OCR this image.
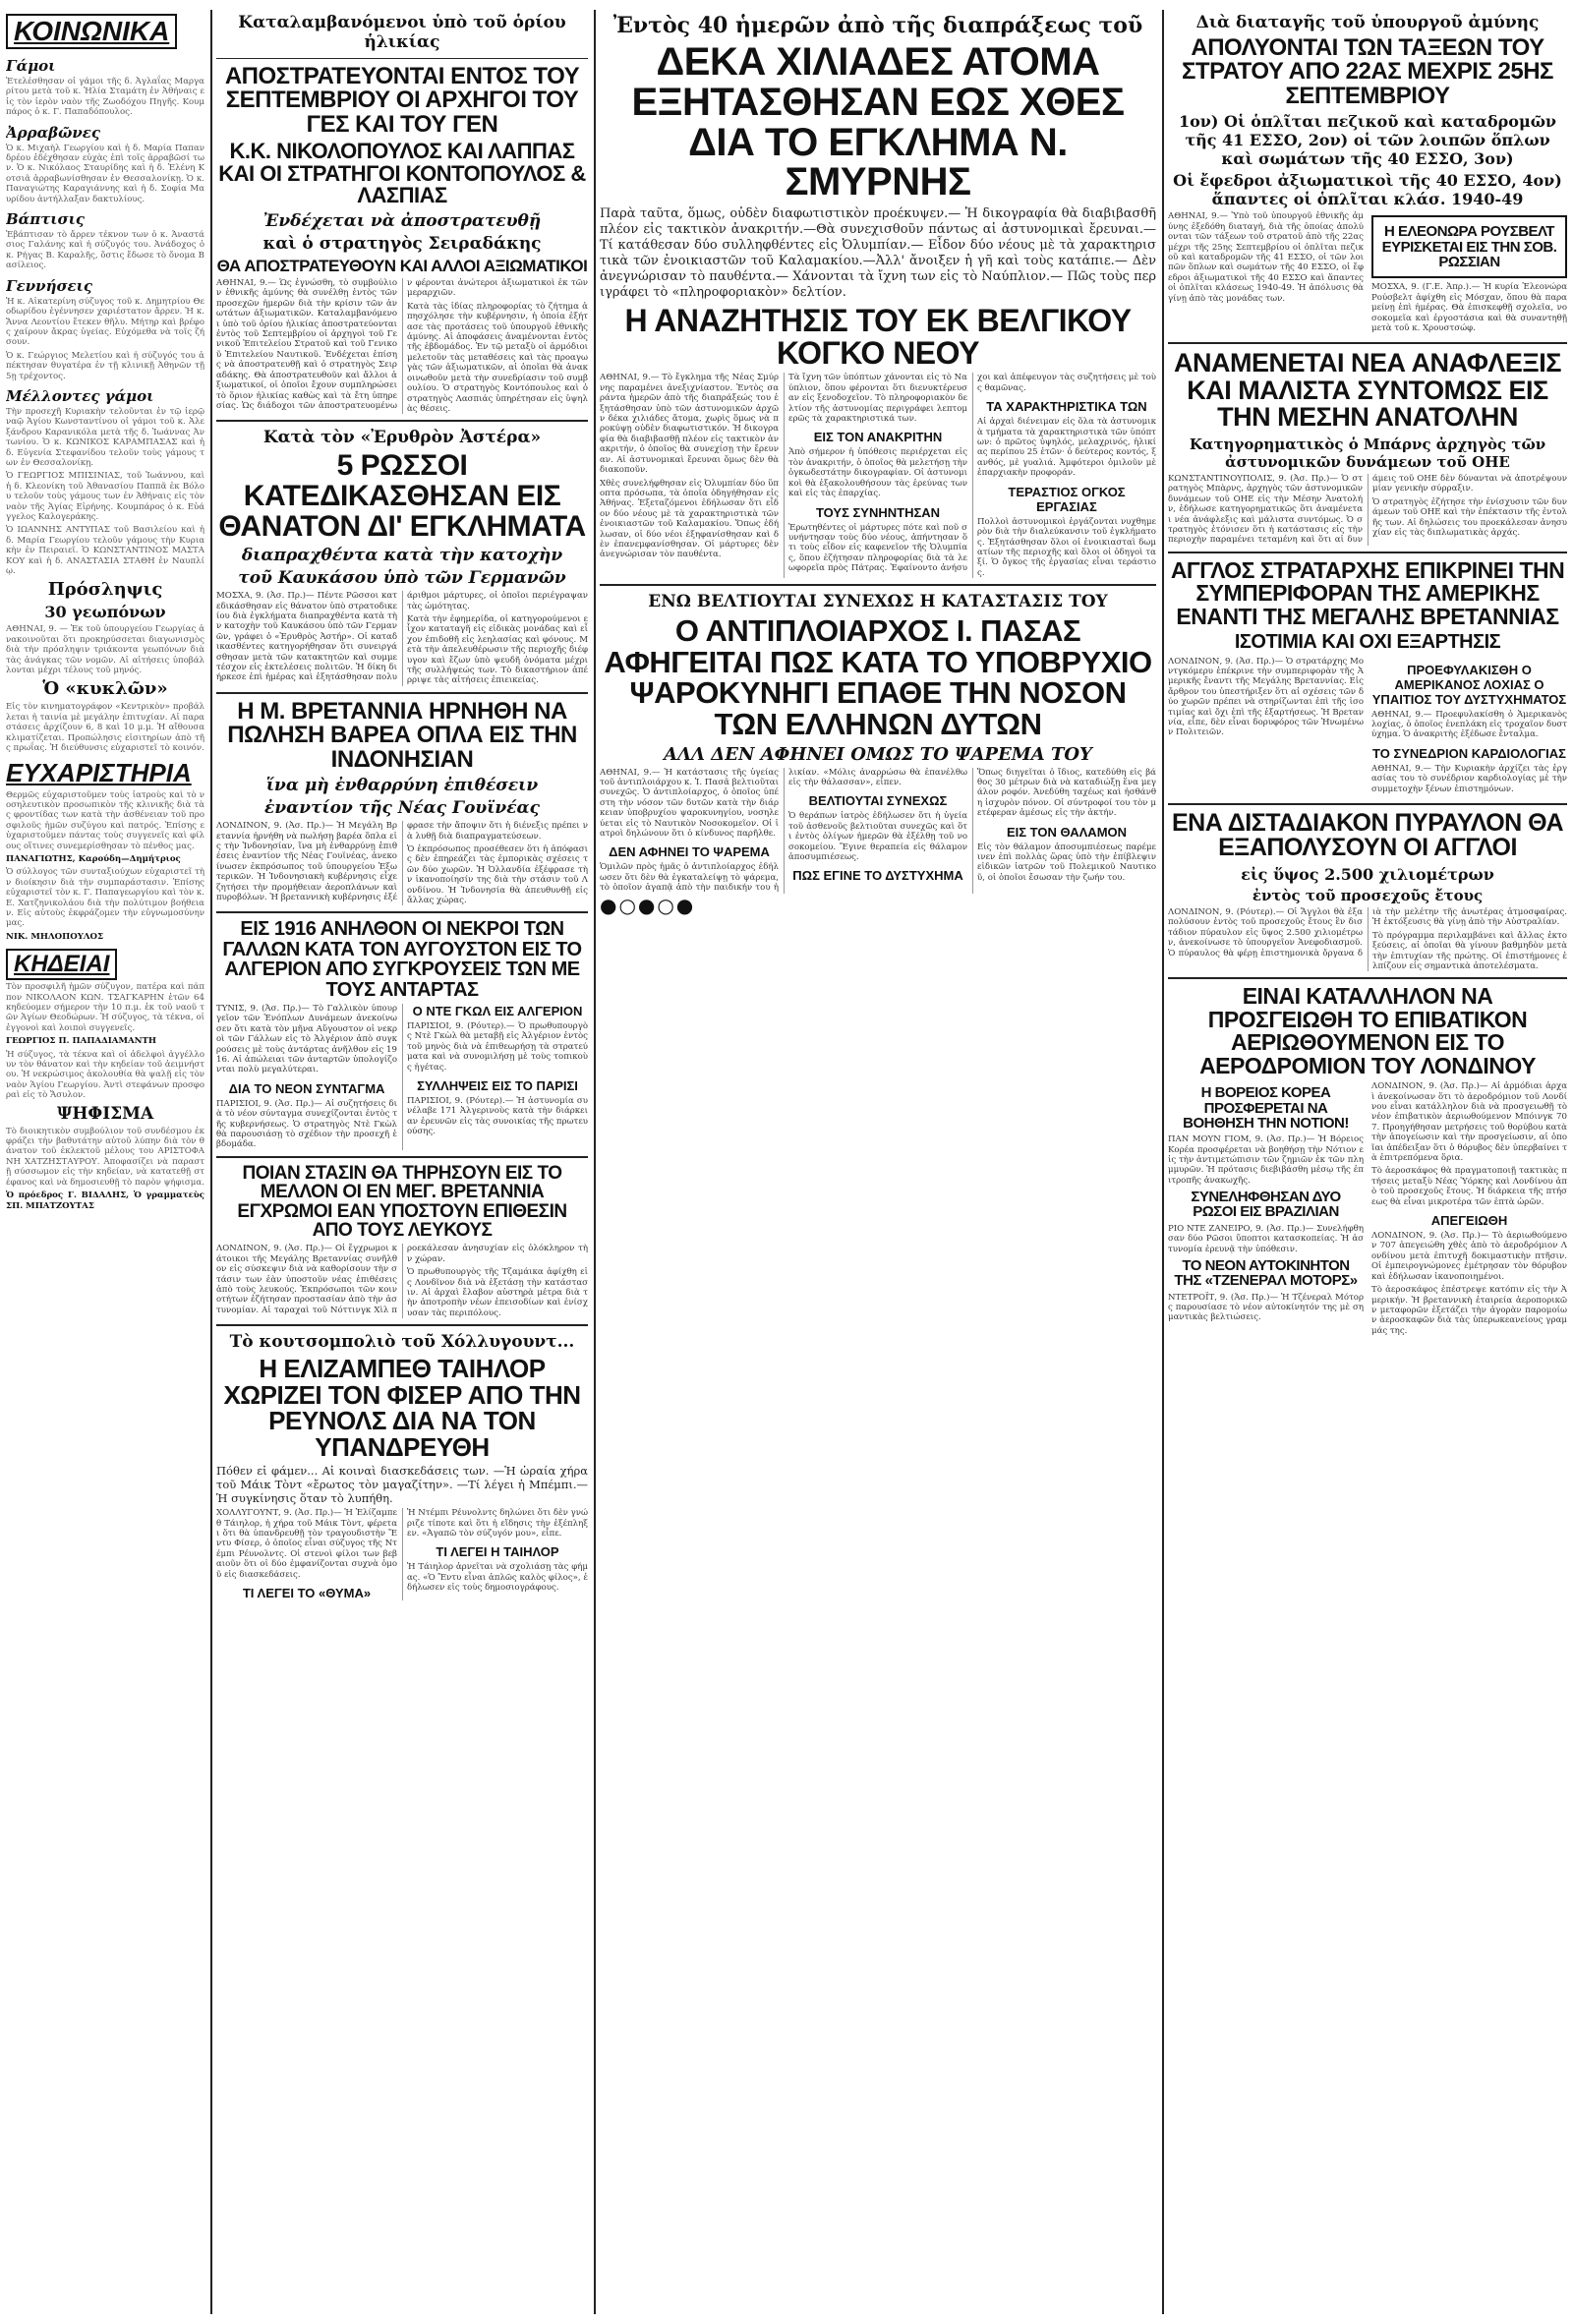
ΚΟΙΝΩΝΙΚΑ
Γάμοι

Ἐτελέσθησαν οἱ γάμοι τῆς δ. Ἀγλαΐας Μαργαρίτου μετὰ τοῦ κ. Ἠλία Σταμάτη ἐν Ἀθήναις εἰς τὸν ἱερὸν ναὸν τῆς Ζωοδόχου Πηγῆς. Κουμπάρος ὁ κ. Γ. Παπαδόπουλος.

Ἀρραβῶνες

Ὁ κ. Μιχαὴλ Γεωργίου καὶ ἡ δ. Μαρία Παπανδρέου ἐδέχθησαν εὐχὰς ἐπὶ τοῖς ἀρραβῶσί των. Ὁ κ. Νικόλαος Σταυρίδης καὶ ἡ δ. Ἑλένη Κοτσιᾶ ἀρραβωνίσθησαν ἐν Θεσσαλονίκῃ. Ὁ κ. Παναγιώτης Καραγιάννης καὶ ἡ δ. Σοφία Μαυρίδου ἀντήλλαξαν δακτυλίους.

Βάπτισις

Ἐβάπτισαν τὸ ἄρρεν τέκνον των ὁ κ. Ἀναστάσιος Γαλάνης καὶ ἡ σύζυγός του. Ἀνάδοχος ὁ κ. Ρήγας Β. Καραλῆς, ὅστις ἔδωσε τὸ ὄνομα Βασίλειος.

Γεννήσεις

Ἡ κ. Αἰκατερίνη σύζυγος τοῦ κ. Δημητρίου Θεοδωρίδου ἐγέννησεν χαριέστατον ἄρρεν. Ἡ κ. Ἄννα Λεοντίου ἔτεκεν θῆλυ. Μήτηρ καὶ βρέφος χαίρουν ἄκρας ὑγείας. Εὐχόμεθα νὰ τοῖς ζήσουν.

Ὁ κ. Γεώργιος Μελετίου καὶ ἡ σύζυγός του ἀπέκτησαν θυγατέρα ἐν τῇ κλινικῇ Ἀθηνῶν τῇ 5ῃ τρέχοντος.

Μέλλοντες γάμοι

Τὴν προσεχῆ Κυριακὴν τελοῦνται ἐν τῷ ἱερῷ ναῷ Ἁγίου Κωνσταντίνου οἱ γάμοι τοῦ κ. Ἀλεξάνδρου Καρανικόλα μετὰ τῆς δ. Ἰωάννας Ἀντωνίου. Ὁ κ. ΚΩΝΙΚΟΣ ΚΑΡΑΜΠΑΣΑΣ καὶ ἡ δ. Εὐγενία Στεφανίδου τελοῦν τοὺς γάμους των ἐν Θεσσαλονίκῃ.

Ὁ ΓΕΩΡΓΙΟΣ ΜΠΙΣΙΝΙΑΣ, τοῦ Ἰωάννου, καὶ ἡ δ. Κλεονίκη τοῦ Ἀθανασίου Παππᾶ ἐκ Βόλου τελοῦν τοὺς γάμους των ἐν Ἀθήναις εἰς τὸν ναὸν τῆς Ἁγίας Εἰρήνης. Κουμπάρος ὁ κ. Εὐάγγελος Καλογεράκης.

Ὁ ΙΩΑΝΝΗΣ ΑΝΤΥΠΑΣ τοῦ Βασιλείου καὶ ἡ δ. Μαρία Γεωργίου τελοῦν γάμους τὴν Κυριακὴν ἐν Πειραιεῖ. Ὁ ΚΩΝΣΤΑΝΤΙΝΟΣ ΜΑΣΤΑΚΟΥ καὶ ἡ δ. ΑΝΑΣΤΑΣΙΑ ΣΤΑΘΗ ἐν Ναυπλίῳ.

Πρόσληψις
30 γεωπόνων

ΑΘΗΝΑΙ, 9. — Ἐκ τοῦ ὑπουργείου Γεωργίας ἀνακοινοῦται ὅτι προκηρύσσεται διαγωνισμὸς διὰ τὴν πρόσληψιν τριάκοντα γεωπόνων διὰ τὰς ἀνάγκας τῶν νομῶν. Αἱ αἰτήσεις ὑποβάλλονται μέχρι τέλους τοῦ μηνός.

Ὁ «κυκλῶν»

Εἰς τὸν κινηματογράφον «Κεντρικὸν» προβάλλεται ἡ ταινία μὲ μεγάλην ἐπιτυχίαν. Αἱ παραστάσεις ἀρχίζουν 6, 8 καὶ 10 μ.μ. Ἡ αἴθουσα κλιματίζεται. Προπώλησις εἰσιτηρίων ἀπὸ τῆς πρωΐας. Ἡ διεύθυνσις εὐχαριστεῖ τὸ κοινόν.

ΕΥΧΑΡΙΣΤΗΡΙΑ

Θερμῶς εὐχαριστοῦμεν τοὺς ἰατροὺς καὶ τὸ νοσηλευτικὸν προσωπικὸν τῆς κλινικῆς διὰ τὰς φροντίδας των κατὰ τὴν ἀσθένειαν τοῦ προσφιλοῦς ἡμῶν συζύγου καὶ πατρός. Ἐπίσης εὐχαριστοῦμεν πάντας τοὺς συγγενεῖς καὶ φίλους οἵτινες συνεμερίσθησαν τὸ πένθος μας.

ΠΑΝΑΓΙΩΤΗΣ, Καρούδη—Δημήτριος

Ὁ σύλλογος τῶν συνταξιούχων εὐχαριστεῖ τὴν διοίκησιν διὰ τὴν συμπαράστασιν. Ἐπίσης εὐχαριστεῖ τὸν κ. Γ. Παπαγεωργίου καὶ τὸν κ. Ε. Χατζηνικολάου διὰ τὴν πολύτιμον βοήθειαν. Εἰς αὐτοὺς ἐκφράζομεν τὴν εὐγνωμοσύνην μας.

ΝΙΚ. ΜΗΛΟΠΟΥΛΟΣ

ΚΗΔΕΙΑΙ

Τὸν προσφιλῆ ἡμῶν σύζυγον, πατέρα καὶ πάππον ΝΙΚΟΛΑΟΝ ΚΩΝ. ΤΣΑΓΚΑΡΗΝ ἐτῶν 64 κηδεύομεν σήμερον τὴν 10 π.μ. ἐκ τοῦ ναοῦ τῶν Ἁγίων Θεοδώρων. Ἡ σύζυγος, τὰ τέκνα, οἱ ἐγγονοὶ καὶ λοιποὶ συγγενεῖς.

ΓΕΩΡΓΙΟΣ Π. ΠΑΠΑΔΙΑΜΑΝΤΗ

Ἡ σύζυγος, τὰ τέκνα καὶ οἱ ἀδελφοὶ ἀγγέλλουν τὸν θάνατον καὶ τὴν κηδείαν τοῦ ἀειμνήστου. Ἡ νεκρώσιμος ἀκολουθία θὰ ψαλῇ εἰς τὸν ναὸν Ἁγίου Γεωργίου. Ἀντὶ στεφάνων προσφοραὶ εἰς τὸ Ἄσυλον.

ΨΗΦΙΣΜΑ

Τὸ διοικητικὸν συμβούλιον τοῦ συνδέσμου ἐκφράζει τὴν βαθυτάτην αὐτοῦ λύπην διὰ τὸν θάνατον τοῦ ἐκλεκτοῦ μέλους του ΑΡΙΣΤΟΦΑΝΗ ΧΑΤΖΗΣΤΑΥΡΟΥ. Ἀποφασίζει νὰ παραστῇ σύσσωμον εἰς τὴν κηδείαν, νὰ κατατεθῇ στέφανος καὶ νὰ δημοσιευθῇ τὸ παρὸν ψήφισμα.

Ὁ πρόεδρος Γ. ΒΙΔΑΛΗΣ, Ὁ γραμματεὺς ΣΠ. ΜΠΑΤΖΟΥΤΑΣ

Καταλαμβανόμενοι ὑπὸ τοῦ ὁρίου ἡλικίας
ΑΠΟΣΤΡΑΤΕΥΟΝΤΑΙ ΕΝΤΟΣ ΤΟΥ ΣΕΠΤΕΜΒΡΙΟΥ ΟΙ ΑΡΧΗΓΟΙ ΤΟΥ ΓΕΣ ΚΑΙ ΤΟΥ ΓΕΝ
Κ.Κ. ΝΙΚΟΛΟΠΟΥΛΟΣ ΚΑΙ ΛΑΠΠΑΣ ΚΑΙ ΟΙ ΣΤΡΑΤΗΓΟΙ ΚΟΝΤΟΠΟΥΛΟΣ & ΛΑΣΠΙΑΣ
Ἐνδέχεται νὰ ἀποστρατευθῇ
καὶ ὁ στρατηγὸς Σειραδάκης
ΘΑ ΑΠΟΣΤΡΑΤΕΥΘΟΥΝ ΚΑΙ ΑΛΛΟΙ ΑΞΙΩΜΑΤΙΚΟΙ

ΑΘΗΝΑΙ, 9.— Ὡς ἐγνώσθη, τὸ συμβούλιον ἐθνικῆς ἀμύνης θὰ συνέλθῃ ἐντὸς τῶν προσεχῶν ἡμερῶν διὰ τὴν κρίσιν τῶν ἀνωτάτων ἀξιωματικῶν. Καταλαμβανόμενοι ὑπὸ τοῦ ὁρίου ἡλικίας ἀποστρατεύονται ἐντὸς τοῦ Σεπτεμβρίου οἱ ἀρχηγοὶ τοῦ Γενικοῦ Ἐπιτελείου Στρατοῦ καὶ τοῦ Γενικοῦ Ἐπιτελείου Ναυτικοῦ. Ἐνδέχεται ἐπίσης νὰ ἀποστρατευθῇ καὶ ὁ στρατηγὸς Σειραδάκης. Θὰ ἀποστρατευθοῦν καὶ ἄλλοι ἀξιωματικοί, οἱ ὁποῖοι ἔχουν συμπληρώσει τὸ ὅριον ἡλικίας καθὼς καὶ τὰ ἔτη ὑπηρεσίας. Ὡς διάδοχοι τῶν ἀποστρατευομένων φέρονται ἀνώτεροι ἀξιωματικοὶ ἐκ τῶν μεραρχιῶν.

Κατὰ τὰς ἰδίας πληροφορίας τὸ ζήτημα ἀπησχόλησε τὴν κυβέρνησιν, ἡ ὁποία ἐξήτασε τὰς προτάσεις τοῦ ὑπουργοῦ ἐθνικῆς ἀμύνης. Αἱ ἀποφάσεις ἀναμένονται ἐντὸς τῆς ἑβδομάδος. Ἐν τῷ μεταξὺ οἱ ἀρμόδιοι μελετοῦν τὰς μεταθέσεις καὶ τὰς προαγωγὰς τῶν ἀξιωματικῶν, αἱ ὁποῖαι θὰ ἀνακοινωθοῦν μετὰ τὴν συνεδρίασιν τοῦ συμβουλίου. Ὁ στρατηγὸς Κοντόπουλος καὶ ὁ στρατηγὸς Λασπιάς ὑπηρέτησαν εἰς ὑψηλὰς θέσεις.

Κατὰ τὸν «Ἐρυθρὸν Ἀστέρα»
5 ΡΩΣΣΟΙ ΚΑΤΕΔΙΚΑΣΘΗΣΑΝ ΕΙΣ ΘΑΝΑΤΟΝ ΔΙ' ΕΓΚΛΗΜΑΤΑ
διαπραχθέντα κατὰ τὴν κατοχὴν
τοῦ Καυκάσου ὑπὸ τῶν Γερμανῶν

ΜΟΣΧΑ, 9. (Ἀσ. Πρ.)— Πέντε Ρῶσσοι κατεδικάσθησαν εἰς θάνατον ὑπὸ στρατοδικείου διὰ ἐγκλήματα διαπραχθέντα κατὰ τὴν κατοχὴν τοῦ Καυκάσου ὑπὸ τῶν Γερμανῶν, γράφει ὁ «Ἐρυθρὸς Ἀστήρ». Οἱ καταδικασθέντες κατηγορήθησαν ὅτι συνειργάσθησαν μετὰ τῶν κατακτητῶν καὶ συμμετέσχον εἰς ἐκτελέσεις πολιτῶν. Ἡ δίκη διήρκεσε ἐπὶ ἡμέρας καὶ ἐξητάσθησαν πολυάριθμοι μάρτυρες, οἱ ὁποῖοι περιέγραψαν τὰς ὠμότητας.

Κατὰ τὴν ἐφημερίδα, οἱ κατηγορούμενοι εἶχον καταταγῆ εἰς εἰδικὰς μονάδας καὶ εἶχον ἐπιδοθῆ εἰς λεηλασίας καὶ φόνους. Μετὰ τὴν ἀπελευθέρωσιν τῆς περιοχῆς διέφυγον καὶ ἔζων ὑπὸ ψευδῆ ὀνόματα μέχρι τῆς συλλήψεώς των. Τὸ δικαστήριον ἀπέρριψε τὰς αἰτήσεις ἐπιεικείας.

Η Μ. ΒΡΕΤΑΝΝΙΑ ΗΡΝΗΘΗ ΝΑ ΠΩΛΗΣΗ ΒΑΡΕΑ ΟΠΛΑ ΕΙΣ ΤΗΝ ΙΝΔΟΝΗΣΙΑΝ
ἵνα μὴ ἐνθαρρύνη ἐπιθέσειν
ἐναντίον τῆς Νέας Γουϊνέας

ΛΟΝΔΙΝΟΝ, 9. (Ἀσ. Πρ.)— Ἡ Μεγάλη Βρεταννία ἠρνήθη νὰ πωλήσῃ βαρέα ὅπλα εἰς τὴν Ἰνδονησίαν, ἵνα μὴ ἐνθαρρύνῃ ἐπιθέσεις ἐναντίον τῆς Νέας Γουϊνέας, ἀνεκοίνωσεν ἐκπρόσωπος τοῦ ὑπουργείου Ἐξωτερικῶν. Ἡ Ἰνδονησιακὴ κυβέρνησις εἶχε ζητήσει τὴν προμήθειαν ἀεροπλάνων καὶ πυροβόλων. Ἡ βρεταννικὴ κυβέρνησις ἐξέφρασε τὴν ἄποψιν ὅτι ἡ διένεξις πρέπει νὰ λυθῇ διὰ διαπραγματεύσεων.

Ὁ ἐκπρόσωπος προσέθεσεν ὅτι ἡ ἀπόφασις δὲν ἐπηρεάζει τὰς ἐμπορικὰς σχέσεις τῶν δύο χωρῶν. Ἡ Ὀλλανδία ἐξέφρασε τὴν ἱκανοποίησίν της διὰ τὴν στάσιν τοῦ Λονδίνου. Ἡ Ἰνδονησία θὰ ἀπευθυνθῇ εἰς ἄλλας χώρας.

ΕΙΣ 1916 ΑΝΗΛΘΟΝ ΟΙ ΝΕΚΡΟΙ ΤΩΝ ΓΑΛΛΩΝ ΚΑΤΑ ΤΟΝ ΑΥΓΟΥΣΤΟΝ ΕΙΣ ΤΟ ΑΛΓΕΡΙΟΝ ΑΠΟ ΣΥΓΚΡΟΥΣΕΙΣ ΤΩΝ ΜΕ ΤΟΥΣ ΑΝΤΑΡΤΑΣ

ΤΥΝΙΣ, 9. (Ἀσ. Πρ.)— Τὸ Γαλλικὸν ὑπουργεῖον τῶν Ἐνόπλων Δυνάμεων ἀνεκοίνωσεν ὅτι κατὰ τὸν μῆνα Αὔγουστον οἱ νεκροὶ τῶν Γάλλων εἰς τὸ Ἀλγέριον ἀπὸ συγκρούσεις μὲ τοὺς ἀντάρτας ἀνῆλθον εἰς 1916. Αἱ ἀπώλειαι τῶν ἀνταρτῶν ὑπολογίζονται πολὺ μεγαλύτεραι.

ΔΙΑ ΤΟ ΝΕΟΝ ΣΥΝΤΑΓΜΑ

ΠΑΡΙΣΙΟΙ, 9. (Ἀσ. Πρ.)— Αἱ συζητήσεις διὰ τὸ νέον σύνταγμα συνεχίζονται ἐντὸς τῆς κυβερνήσεως. Ὁ στρατηγὸς Ντὲ Γκὼλ θὰ παρουσιάσῃ τὸ σχέδιον τὴν προσεχῆ ἑβδομάδα.

Ο ΝΤΕ ΓΚΩΛ ΕΙΣ ΑΛΓΕΡΙΟΝ

ΠΑΡΙΣΙΟΙ, 9. (Ρόυτερ).— Ὁ πρωθυπουργὸς Ντὲ Γκὼλ θὰ μεταβῇ εἰς Ἀλγέριον ἐντὸς τοῦ μηνὸς διὰ νὰ ἐπιθεωρήσῃ τὰ στρατεύματα καὶ νὰ συνομιλήσῃ μὲ τοὺς τοπικοὺς ἡγέτας.

ΣΥΛΛΗΨΕΙΣ ΕΙΣ ΤΟ ΠΑΡΙΣΙ

ΠΑΡΙΣΙΟΙ, 9. (Ρόυτερ).— Ἡ ἀστυνομία συνέλαβε 171 Ἀλγερινοὺς κατὰ τὴν διάρκειαν ἐρευνῶν εἰς τὰς συνοικίας τῆς πρωτευούσης.

ΠΟΙΑΝ ΣΤΑΣΙΝ ΘΑ ΤΗΡΗΣΟΥΝ ΕΙΣ ΤΟ ΜΕΛΛΟΝ ΟΙ ΕΝ ΜΕΓ. ΒΡΕΤΑΝΝΙΑ ΕΓΧΡΩΜΟΙ ΕΑΝ ΥΠΟΣΤΟΥΝ ΕΠΙΘΕΣΙΝ ΑΠΟ ΤΟΥΣ ΛΕΥΚΟΥΣ

ΛΟΝΔΙΝΟΝ, 9. (Ἀσ. Πρ.)— Οἱ ἔγχρωμοι κάτοικοι τῆς Μεγάλης Βρεταννίας συνῆλθον εἰς σύσκεψιν διὰ νὰ καθορίσουν τὴν στάσιν των ἐὰν ὑποστοῦν νέας ἐπιθέσεις ἀπὸ τοὺς λευκούς. Ἐκπρόσωποι τῶν κοινοτήτων ἐζήτησαν προστασίαν ἀπὸ τὴν ἀστυνομίαν. Αἱ ταραχαὶ τοῦ Νόττινγκ Χὶλ προεκάλεσαν ἀνησυχίαν εἰς ὁλόκληρον τὴν χώραν.

Ὁ πρωθυπουργὸς τῆς Τζαμάικα ἀφίχθη εἰς Λονδῖνον διὰ νὰ ἐξετάσῃ τὴν κατάστασιν. Αἱ ἀρχαὶ ἔλαβον αὐστηρὰ μέτρα διὰ τὴν ἀποτροπὴν νέων ἐπεισοδίων καὶ ἐνίσχυσαν τὰς περιπόλους.

Τὸ κουτσομπολιὸ τοῦ Χόλλυγουντ...
Η ΕΛΙΖΑΜΠΕΘ ΤΑΙΗΛΟΡ ΧΩΡΙΖΕΙ ΤΟΝ ΦΙΣΕΡ ΑΠΟ ΤΗΝ ΡΕΥΝΟΛΣ ΔΙΑ ΝΑ ΤΟΝ ΥΠΑΝΔΡΕΥΘΗ

Πόθεν εἰ φάμεν... Αἱ κοιναὶ διασκεδάσεις των. —Ἡ ὡραία χήρα τοῦ Μάικ Τὸντ «ἔρωτος τὸν μαγαζίτην». —Τί λέγει ἡ Μπέμπι.—Ἡ συγκίνησις ὅταν τὸ λυπήθη.

ΧΟΛΛΥΓΟΥΝΤ, 9. (Ἀσ. Πρ.)— Ἡ Ἐλίζαμπεθ Τάιηλορ, ἡ χήρα τοῦ Μάικ Τὸντ, φέρεται ὅτι θὰ ὑπανδρευθῇ τὸν τραγουδιστὴν Ἔντυ Φίσερ, ὁ ὁποῖος εἶναι σύζυγος τῆς Ντέμπι Ρέυνολντς. Οἱ στενοὶ φίλοι των βεβαιοῦν ὅτι οἱ δύο ἐμφανίζονται συχνὰ ὁμοῦ εἰς διασκεδάσεις.

ΤΙ ΛΕΓΕΙ ΤΟ «ΘΥΜΑ»

Ἡ Ντέμπι Ρέυνολντς δηλώνει ὅτι δὲν γνώριζε τίποτε καὶ ὅτι ἡ εἴδησις τὴν ἐξέπληξεν. «Ἀγαπῶ τὸν σύζυγόν μου», εἶπε.

ΤΙ ΛΕΓΕΙ Η ΤΑΙΗΛΟΡ

Ἡ Τάιηλορ ἀρνεῖται νὰ σχολιάσῃ τὰς φήμας. «Ὁ Ἔντυ εἶναι ἁπλῶς καλὸς φίλος», ἐδήλωσεν εἰς τοὺς δημοσιογράφους.

Ἐντὸς 40 ἡμερῶν ἀπὸ τῆς διαπράξεως τοῦ
ΔΕΚΑ ΧΙΛΙΑΔΕΣ ΑΤΟΜΑ ΕΞΗΤΑΣΘΗΣΑΝ ΕΩΣ ΧΘΕΣ ΔΙΑ ΤΟ ΕΓΚΛΗΜΑ Ν. ΣΜΥΡΝΗΣ

Παρὰ ταῦτα, ὅμως, οὐδὲν διαφωτιστικὸν προέκυψεν.— Ἡ δικογραφία θὰ διαβιβασθῆ πλέον εἰς τακτικὸν ἀνακριτήν.—Θὰ συνεχισθοῦν πάντως αἱ ἀστυνομικαὶ ἔρευναι.— Τί κατάθεσαν δύο συλληφθέντες εἰς Ὀλυμπίαν.— Εἶδον δύο νέους μὲ τὰ χαρακτηριστικὰ τῶν ἐνοικιαστῶν τοῦ Καλαμακίου.—Ἀλλ' ἄνοιξεν ἡ γῆ καὶ τοὺς κατάπιε.— Δὲν ἀνεγνώρισαν τὸ παυθέντα.— Χάνονται τὰ ἴχνη των εἰς τὸ Ναύπλιον.— Πῶς τοὺς περιγράφει τὸ «πληροφοριακὸν» δελτίον.

Η ΑΝΑΖΗΤΗΣΙΣ ΤΟΥ ΕΚ ΒΕΛΓΙΚΟΥ ΚΟΓΚΟ ΝΕΟΥ

ΑΘΗΝΑΙ, 9.— Τὸ ἔγκλημα τῆς Νέας Σμύρνης παραμένει ἀνεξιχνίαστον. Ἐντὸς σαράντα ἡμερῶν ἀπὸ τῆς διαπράξεώς του ἐξητάσθησαν ὑπὸ τῶν ἀστυνομικῶν ἀρχῶν δέκα χιλιάδες ἄτομα, χωρὶς ὅμως νὰ προκύψῃ οὐδὲν διαφωτιστικόν. Ἡ δικογραφία θὰ διαβιβασθῇ πλέον εἰς τακτικὸν ἀνακριτήν, ὁ ὁποῖος θὰ συνεχίσῃ τὴν ἔρευναν. Αἱ ἀστυνομικαὶ ἔρευναι ὅμως δὲν θὰ διακοποῦν.

Χθὲς συνελήφθησαν εἰς Ὀλυμπίαν δύο ὕποπτα πρόσωπα, τὰ ὁποῖα ὁδηγήθησαν εἰς Ἀθήνας. Ἐξεταζόμενοι ἐδήλωσαν ὅτι εἶδον δύο νέους μὲ τὰ χαρακτηριστικὰ τῶν ἐνοικιαστῶν τοῦ Καλαμακίου. Ὅπως ἐδήλωσαν, οἱ δύο νέοι ἐξηφανίσθησαν καὶ δὲν ἐπανεμφανίσθησαν. Οἱ μάρτυρες δὲν ἀνεγνώρισαν τὸν παυθέντα.

Τὰ ἴχνη τῶν ὑπόπτων χάνονται εἰς τὸ Ναύπλιον, ὅπου φέρονται ὅτι διενυκτέρευσαν εἰς ξενοδοχεῖον. Τὸ πληροφοριακὸν δελτίον τῆς ἀστυνομίας περιγράφει λεπτομερῶς τὰ χαρακτηριστικά των.

ΕΙΣ ΤΟΝ ΑΝΑΚΡΙΤΗΝ

Ἀπὸ σήμερον ἡ ὑπόθεσις περιέρχεται εἰς τὸν ἀνακριτήν, ὁ ὁποῖος θὰ μελετήσῃ τὴν ὀγκωδεστάτην δικογραφίαν. Οἱ ἀστυνομικοὶ θὰ ἐξακολουθήσουν τὰς ἐρεύνας των καὶ εἰς τὰς ἐπαρχίας.

ΤΟΥΣ ΣΥΝΗΝΤΗΣΑΝ

Ἐρωτηθέντες οἱ μάρτυρες πότε καὶ ποῦ συνήντησαν τοὺς δύο νέους, ἀπήντησαν ὅτι τοὺς εἶδον εἰς καφενεῖον τῆς Ὀλυμπίας, ὅπου ἐζήτησαν πληροφορίας διὰ τὰ λεωφορεῖα πρὸς Πάτρας. Ἐφαίνοντο ἀνήσυχοι καὶ ἀπέφευγον τὰς συζητήσεις μὲ τοὺς θαμῶνας.

ΤΑ ΧΑΡΑΚΤΗΡΙΣΤΙΚΑ ΤΩΝ

Αἱ ἀρχαὶ διένειμαν εἰς ὅλα τὰ ἀστυνομικὰ τμήματα τὰ χαρακτηριστικὰ τῶν ὑπόπτων: ὁ πρῶτος ὑψηλός, μελαχρινός, ἡλικίας περίπου 25 ἐτῶν· ὁ δεύτερος κοντός, ξανθός, μὲ γυαλιά. Ἀμφότεροι ὁμιλοῦν μὲ ἐπαρχιακὴν προφοράν.

ΤΕΡΑΣΤΙΟΣ ΟΓΚΟΣ ΕΡΓΑΣΙΑΣ

Πολλοὶ ἀστυνομικοὶ ἐργάζονται νυχθημερὸν διὰ τὴν διαλεύκανσιν τοῦ ἐγκλήματος. Ἐξητάσθησαν ὅλοι οἱ ἐνοικιασταὶ δωματίων τῆς περιοχῆς καὶ ὅλοι οἱ ὁδηγοὶ ταξί. Ὁ ὄγκος τῆς ἐργασίας εἶναι τεράστιος.

ΕΝΩ ΒΕΛΤΙΟΥΤΑΙ ΣΥΝΕΧΩΣ Η ΚΑΤΑΣΤΑΣΙΣ ΤΟΥ
Ο ΑΝΤΙΠΛΟΙΑΡΧΟΣ Ι. ΠΑΣΑΣ ΑΦΗΓΕΙΤΑΙ ΠΩΣ ΚΑΤΑ ΤΟ ΥΠΟΒΡΥΧΙΟ ΨΑΡΟΚΥΝΗΓΙ ΕΠΑΘΕ ΤΗΝ ΝΟΣΟΝ ΤΩΝ ΕΛΛΗΝΩΝ ΔΥΤΩΝ
ΑΛΛ ΔΕΝ ΑΦΗΝΕΙ ΟΜΩΣ ΤΟ ΨΑΡΕΜΑ ΤΟΥ

ΑΘΗΝΑΙ, 9.— Ἡ κατάστασις τῆς ὑγείας τοῦ ἀντιπλοιάρχου κ. Ἰ. Πασᾶ βελτιοῦται συνεχῶς. Ὁ ἀντιπλοίαρχος, ὁ ὁποῖος ὑπέστη τὴν νόσον τῶν δυτῶν κατὰ τὴν διάρκειαν ὑποβρυχίου ψαροκυνηγίου, νοσηλεύεται εἰς τὸ Ναυτικὸν Νοσοκομεῖον. Οἱ ἰατροὶ δηλώνουν ὅτι ὁ κίνδυνος παρῆλθε.

ΔΕΝ ΑΦΗΝΕΙ ΤΟ ΨΑΡΕΜΑ

Ὁμιλῶν πρὸς ἡμᾶς ὁ ἀντιπλοίαρχος ἐδήλωσεν ὅτι δὲν θὰ ἐγκαταλείψῃ τὸ ψάρεμα, τὸ ὁποῖον ἀγαπᾷ ἀπὸ τὴν παιδικήν του ἡλικίαν. «Μόλις ἀναρρώσω θὰ ἐπανέλθω εἰς τὴν θάλασσαν», εἶπεν.

ΒΕΛΤΙΟΥΤΑΙ ΣΥΝΕΧΩΣ

Ὁ θεράπων ἰατρὸς ἐδήλωσεν ὅτι ἡ ὑγεία τοῦ ἀσθενοῦς βελτιοῦται συνεχῶς καὶ ὅτι ἐντὸς ὀλίγων ἡμερῶν θὰ ἐξέλθῃ τοῦ νοσοκομείου. Ἔγινε θεραπεία εἰς θάλαμον ἀποσυμπιέσεως.

ΠΩΣ ΕΓΙΝΕ ΤΟ ΔΥΣΤΥΧΗΜΑ

Ὅπως διηγεῖται ὁ ἴδιος, κατεδύθη εἰς βάθος 30 μέτρων διὰ νὰ καταδιώξῃ ἕνα μεγάλον ροφόν. Ἀνεδύθη ταχέως καὶ ἠσθάνθη ἰσχυρὸν πόνον. Οἱ σύντροφοί του τὸν μετέφεραν ἀμέσως εἰς τὴν ἀκτήν.

ΕΙΣ ΤΟΝ ΘΑΛΑΜΟΝ

Εἰς τὸν θάλαμον ἀποσυμπιέσεως παρέμεινεν ἐπὶ πολλὰς ὥρας ὑπὸ τὴν ἐπίβλεψιν εἰδικῶν ἰατρῶν τοῦ Πολεμικοῦ Ναυτικοῦ, οἱ ὁποῖοι ἔσωσαν τὴν ζωήν του.

●○●○●
Διὰ διαταγῆς τοῦ ὑπουργοῦ ἀμύνης
ΑΠΟΛΥΟΝΤΑΙ ΤΩΝ ΤΑΞΕΩΝ ΤΟΥ ΣΤΡΑΤΟΥ ΑΠΟ 22ΑΣ ΜΕΧΡΙΣ 25ΗΣ ΣΕΠΤΕΜΒΡΙΟΥ
1ον) Οἱ ὁπλῖται πεζικοῦ καὶ καταδρομῶν τῆς 41 ΕΣΣΟ, 2ον) οἱ τῶν λοιπῶν ὅπλων καὶ σωμάτων τῆς 40 ΕΣΣΟ, 3ον)
Οἱ ἔφεδροι ἀξιωματικοὶ τῆς 40 ΕΣΣΟ, 4ον) ἅπαντες οἱ ὁπλῖται κλάσ. 1940-49

ΑΘΗΝΑΙ, 9.— Ὑπὸ τοῦ ὑπουργοῦ ἐθνικῆς ἀμύνης ἐξεδόθη διαταγή, διὰ τῆς ὁποίας ἀπολύονται τῶν τάξεων τοῦ στρατοῦ ἀπὸ τῆς 22ας μέχρι τῆς 25ης Σεπτεμβρίου οἱ ὁπλῖται πεζικοῦ καὶ καταδρομῶν τῆς 41 ΕΣΣΟ, οἱ τῶν λοιπῶν ὅπλων καὶ σωμάτων τῆς 40 ΕΣΣΟ, οἱ ἔφεδροι ἀξιωματικοὶ τῆς 40 ΕΣΣΟ καὶ ἅπαντες οἱ ὁπλῖται κλάσεως 1940-49. Ἡ ἀπόλυσις θὰ γίνῃ ἀπὸ τὰς μονάδας των.

Η ΕΛΕΟΝΩΡΑ ΡΟΥΣΒΕΛΤ ΕΥΡΙΣΚΕΤΑΙ ΕΙΣ ΤΗΝ ΣΟΒ. ΡΩΣΣΙΑΝ

ΜΟΣΧΑ, 9. (Γ.Ε. Ἀπρ.).— Ἡ κυρία Ἐλεονώρα Ρούσβελτ ἀφίχθη εἰς Μόσχαν, ὅπου θὰ παραμείνῃ ἐπὶ ἡμέρας. Θὰ ἐπισκεφθῇ σχολεῖα, νοσοκομεῖα καὶ ἐργοστάσια καὶ θὰ συναντηθῇ μετὰ τοῦ κ. Χρουστσώφ.

ΑΝΑΜΕΝΕΤΑΙ ΝΕΑ ΑΝΑΦΛΕΞΙΣ ΚΑΙ ΜΑΛΙΣΤΑ ΣΥΝΤΟΜΩΣ ΕΙΣ ΤΗΝ ΜΕΣΗΝ ΑΝΑΤΟΛΗΝ
Κατηγορηματικὸς ὁ Μπάρνς ἀρχηγὸς τῶν ἀστυνομικῶν δυνάμεων τοῦ ΟΗΕ

ΚΩΝΣΤΑΝΤΙΝΟΥΠΟΛΙΣ, 9. (Ἀσ. Πρ.)— Ὁ στρατηγὸς Μπὰρνς, ἀρχηγὸς τῶν ἀστυνομικῶν δυνάμεων τοῦ ΟΗΕ εἰς τὴν Μέσην Ἀνατολήν, ἐδήλωσε κατηγορηματικῶς ὅτι ἀναμένεται νέα ἀνάφλεξις καὶ μάλιστα συντόμως. Ὁ στρατηγὸς ἐτόνισεν ὅτι ἡ κατάστασις εἰς τὴν περιοχὴν παραμένει τεταμένη καὶ ὅτι αἱ δυνάμεις τοῦ ΟΗΕ δὲν δύνανται νὰ ἀποτρέψουν μίαν γενικὴν σύρραξιν.

Ὁ στρατηγὸς ἐζήτησε τὴν ἐνίσχυσιν τῶν δυνάμεων τοῦ ΟΗΕ καὶ τὴν ἐπέκτασιν τῆς ἐντολῆς των. Αἱ δηλώσεις του προεκάλεσαν ἀνησυχίαν εἰς τὰς διπλωματικὰς ἀρχάς.

ΑΓΓΛΟΣ ΣΤΡΑΤΑΡΧΗΣ ΕΠΙΚΡΙΝΕΙ ΤΗΝ ΣΥΜΠΕΡΙΦΟΡΑΝ ΤΗΣ ΑΜΕΡΙΚΗΣ ΕΝΑΝΤΙ ΤΗΣ ΜΕΓΑΛΗΣ ΒΡΕΤΑΝΝΙΑΣ
ΙΣΟΤΙΜΙΑ ΚΑΙ ΟΧΙ ΕΞΑΡΤΗΣΙΣ

ΛΟΝΔΙΝΟΝ, 9. (Ἀσ. Πρ.)— Ὁ στρατάρχης Μοντγκόμερυ ἐπέκρινε τὴν συμπεριφορὰν τῆς Ἀμερικῆς ἔναντι τῆς Μεγάλης Βρεταννίας. Εἰς ἄρθρον του ὑπεστήριξεν ὅτι αἱ σχέσεις τῶν δύο χωρῶν πρέπει νὰ στηρίζωνται ἐπὶ τῆς ἰσοτιμίας καὶ ὄχι ἐπὶ τῆς ἐξαρτήσεως. Ἡ Βρεταννία, εἶπε, δὲν εἶναι δορυφόρος τῶν Ἡνωμένων Πολιτειῶν.

ΠΡΟΕΦΥΛΑΚΙΣΘΗ Ο ΑΜΕΡΙΚΑΝΟΣ ΛΟΧΙΑΣ Ο ΥΠΑΙΤΙΟΣ ΤΟΥ ΔΥΣΤΥΧΗΜΑΤΟΣ

ΑΘΗΝΑΙ, 9.— Προεφυλακίσθη ὁ Ἀμερικανὸς λοχίας, ὁ ὁποῖος ἐνεπλάκη εἰς τροχαῖον δυστύχημα. Ὁ ἀνακριτὴς ἐξέδωσε ἔνταλμα.

ΤΟ ΣΥΝΕΔΡΙΟΝ ΚΑΡΔΙΟΛΟΓΙΑΣ

ΑΘΗΝΑΙ, 9.— Τὴν Κυριακὴν ἀρχίζει τὰς ἐργασίας του τὸ συνέδριον καρδιολογίας μὲ τὴν συμμετοχὴν ξένων ἐπιστημόνων.

ΕΝΑ ΔΙΣΤΑΔΙΑΚΟΝ ΠΥΡΑΥΛΟΝ ΘΑ ΕΞΑΠΟΛΥΣΟΥΝ ΟΙ ΑΓΓΛΟΙ
εἰς ὕψος 2.500 χιλιομέτρων
ἐντὸς τοῦ προσεχοῦς ἔτους

ΛΟΝΔΙΝΟΝ, 9. (Ρόυτερ).— Οἱ Ἄγγλοι θὰ ἐξαπολύσουν ἐντὸς τοῦ προσεχοῦς ἔτους ἓν διστάδιον πύραυλον εἰς ὕψος 2.500 χιλιομέτρων, ἀνεκοίνωσε τὸ ὑπουργεῖον Ἀνεφοδιασμοῦ. Ὁ πύραυλος θὰ φέρῃ ἐπιστημονικὰ ὄργανα διὰ τὴν μελέτην τῆς ἀνωτέρας ἀτμοσφαίρας. Ἡ ἐκτόξευσις θὰ γίνῃ ἀπὸ τὴν Αὐστραλίαν.

Τὸ πρόγραμμα περιλαμβάνει καὶ ἄλλας ἐκτοξεύσεις, αἱ ὁποῖαι θὰ γίνουν βαθμηδὸν μετὰ τὴν ἐπιτυχίαν τῆς πρώτης. Οἱ ἐπιστήμονες ἐλπίζουν εἰς σημαντικὰ ἀποτελέσματα.

ΕΙΝΑΙ ΚΑΤΑΛΛΗΛΟΝ ΝΑ ΠΡΟΣΓΕΙΩΘΗ ΤΟ ΕΠΙΒΑΤΙΚΟΝ ΑΕΡΙΩΘΟΥΜΕΝΟΝ ΕΙΣ ΤΟ ΑΕΡΟΔΡΟΜΙΟΝ ΤΟΥ ΛΟΝΔΙΝΟΥ
Η ΒΟΡΕΙΟΣ ΚΟΡΕΑ ΠΡΟΣΦΕΡΕΤΑΙ ΝΑ ΒΟΗΘΗΣΗ ΤΗΝ ΝΟΤΙΟΝ!

ΠΑΝ ΜΟΥΝ ΓΙΟΜ, 9. (Ἀσ. Πρ.)— Ἡ Βόρειος Κορέα προσφέρεται νὰ βοηθήσῃ τὴν Νότιον εἰς τὴν ἀντιμετώπισιν τῶν ζημιῶν ἐκ τῶν πλημμυρῶν. Ἡ πρότασις διεβιβάσθη μέσῳ τῆς ἐπιτροπῆς ἀνακωχῆς.

ΣΥΝΕΛΗΦΘΗΣΑΝ ΔΥΟ ΡΩΣΟΙ ΕΙΣ ΒΡΑΖΙΛΙΑΝ

ΡΙΟ ΝΤΕ ΖΑΝΕΙΡΟ, 9. (Ἀσ. Πρ.)— Συνελήφθησαν δύο Ρῶσοι ὕποπτοι κατασκοπείας. Ἡ ἀστυνομία ἐρευνᾷ τὴν ὑπόθεσιν.

ΤΟ ΝΕΟΝ ΑΥΤΟΚΙΝΗΤΟΝ ΤΗΣ «ΤΖΕΝΕΡΑΛ ΜΟΤΟΡΣ»

ΝΤΕΤΡΟΪΤ, 9. (Ἀσ. Πρ.)— Ἡ Τζένεραλ Μότορς παρουσίασε τὸ νέον αὐτοκίνητόν της μὲ σημαντικὰς βελτιώσεις.

ΛΟΝΔΙΝΟΝ, 9. (Ἀσ. Πρ.)— Αἱ ἀρμόδιαι ἀρχαὶ ἀνεκοίνωσαν ὅτι τὸ ἀεροδρόμιον τοῦ Λονδίνου εἶναι κατάλληλον διὰ νὰ προσγειωθῇ τὸ νέον ἐπιβατικὸν ἀεριωθούμενον Μπόινγκ 707. Προηγήθησαν μετρήσεις τοῦ θορύβου κατὰ τὴν ἀπογείωσιν καὶ τὴν προσγείωσιν, αἱ ὁποῖαι ἀπέδειξαν ὅτι ὁ θόρυβος δὲν ὑπερβαίνει τὰ ἐπιτρεπόμενα ὅρια.

Τὸ ἀεροσκάφος θὰ πραγματοποιῇ τακτικὰς πτήσεις μεταξὺ Νέας Ὑόρκης καὶ Λονδίνου ἀπὸ τοῦ προσεχοῦς ἔτους. Ἡ διάρκεια τῆς πτήσεως θὰ εἶναι μικροτέρα τῶν ἑπτὰ ὡρῶν.

ΑΠΕΓΕΙΩΘΗ

ΛΟΝΔΙΝΟΝ, 9. (Ἀσ. Πρ.)— Τὸ ἀεριωθούμενον 707 ἀπεγειώθη χθὲς ἀπὸ τὸ ἀεροδρόμιον Λονδίνου μετὰ ἐπιτυχῆ δοκιμαστικὴν πτῆσιν. Οἱ ἐμπειρογνώμονες ἐμέτρησαν τὸν θόρυβον καὶ ἐδήλωσαν ἱκανοποιημένοι.

Τὸ ἀεροσκάφος ἐπέστρεψε κατόπιν εἰς τὴν Ἀμερικήν. Ἡ βρεταννικὴ ἑταιρεία ἀεροπορικῶν μεταφορῶν ἐξετάζει τὴν ἀγορὰν παρομοίων ἀεροσκαφῶν διὰ τὰς ὑπερωκεανείους γραμμάς της.
